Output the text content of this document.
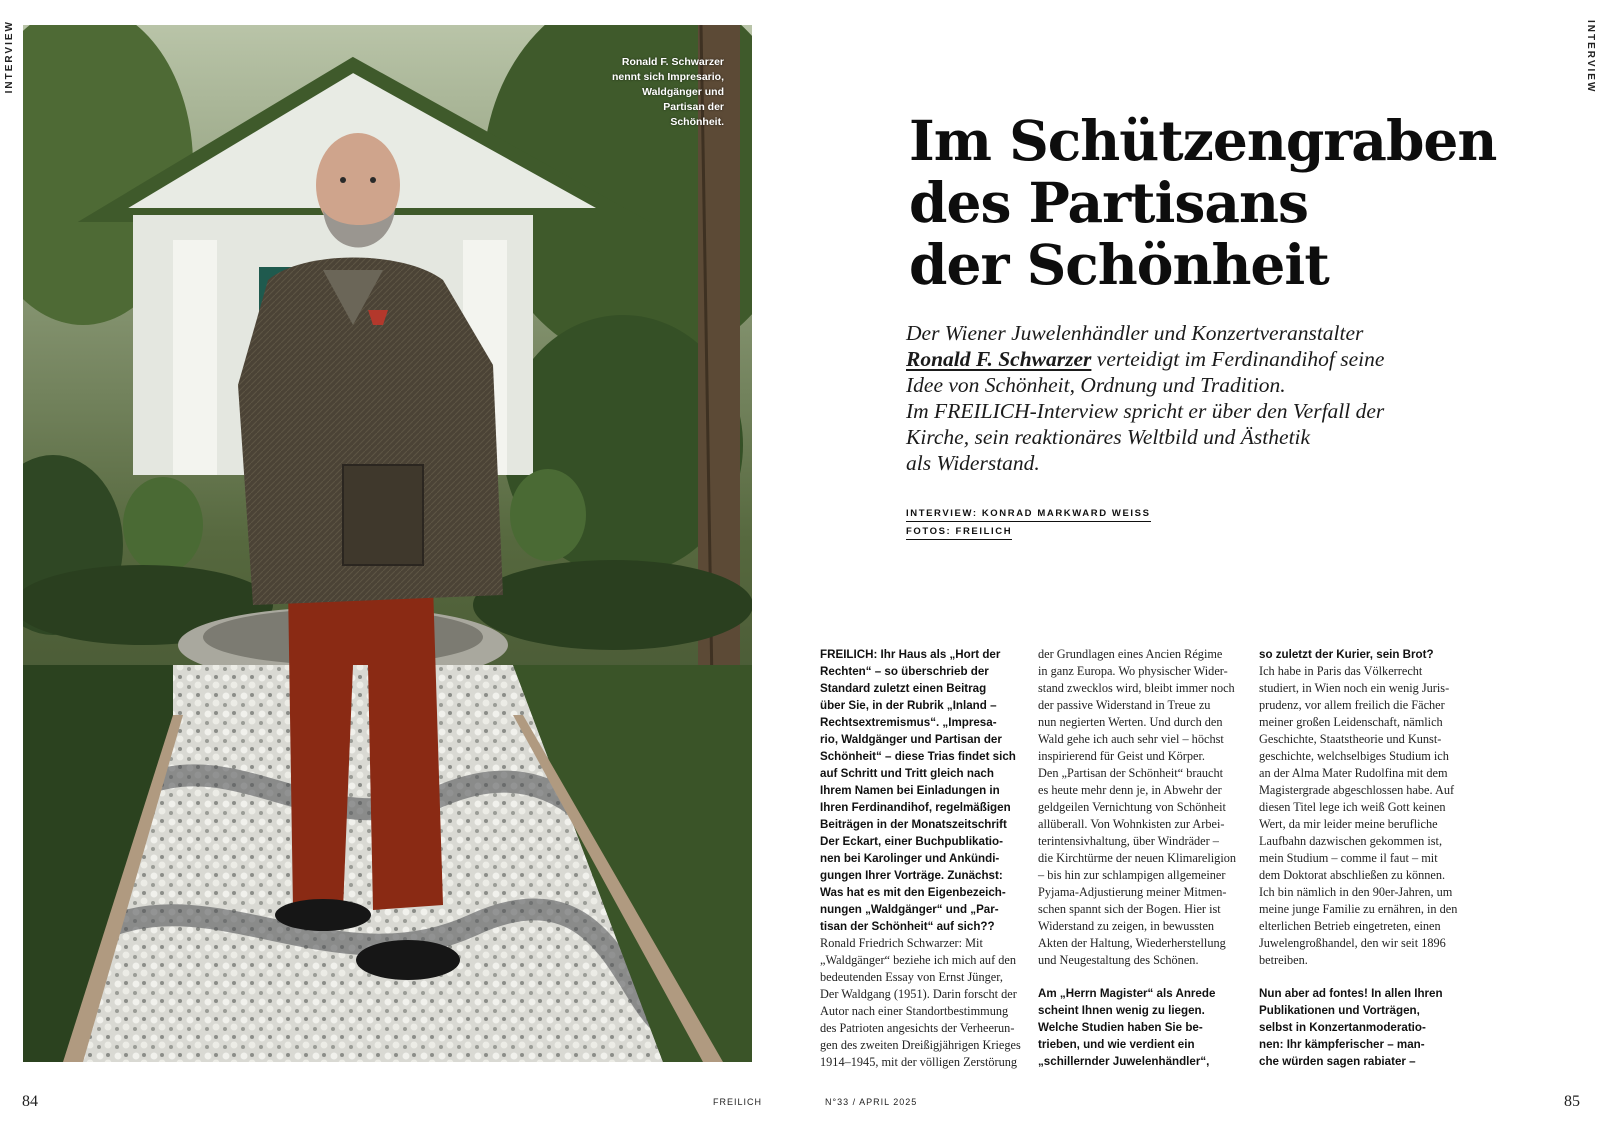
INTERVIEW	Ronald F. Schwarzer
nennt sich Impresario,
Waldgänger und
Partisan der
Schönheit.
84	FREILICH
INTERVIEW
Im Schützengraben
des Partisans
der Schönheit
Der Wiener Juwelenhändler und Konzertveranstalter
Ronald F. Schwarzer verteidigt im Ferdinandihof seine
Idee von Schönheit, Ordnung und Tradition.
Im FREILICH-Interview spricht er über den Verfall der
Kirche, sein reaktionäres Weltbild und Ästhetik
als Widerstand.
INTERVIEW: KONRAD MARKWARD WEISS
FOTOS: FREILICH
FREILICH: Ihr Haus als „Hort der
Rechten“ – so überschrieb der
Standard zuletzt einen Beitrag
über Sie, in der Rubrik „Inland –
Rechtsextremismus“. „Impresa-
rio, Waldgänger und Partisan der
Schönheit“ – diese Trias findet sich
auf Schritt und Tritt gleich nach
Ihrem Namen bei Einladungen in
Ihren Ferdinandihof, regelmäßigen
Beiträgen in der Monatszeitschrift
Der Eckart, einer Buchpublikatio-
nen bei Karolinger und Ankündi-
gungen Ihrer Vorträge. Zunächst:
Was hat es mit den Eigenbezeich-
nungen „Waldgänger“ und „Par-
tisan der Schönheit“ auf sich??
Ronald Friedrich Schwarzer: Mit
„Waldgänger“ beziehe ich mich auf den
bedeutenden Essay von Ernst Jünger,
Der Waldgang (1951). Darin forscht der
Autor nach einer Standortbestimmung
des Patrioten angesichts der Verheerun-
gen des zweiten Dreißigjährigen Krieges
1914–1945, mit der völligen Zerstörung
der Grundlagen eines Ancien Régime
in ganz Europa. Wo physischer Wider-
stand zwecklos wird, bleibt immer noch
der passive Widerstand in Treue zu
nun negierten Werten. Und durch den
Wald gehe ich auch sehr viel – höchst
inspirierend für Geist und Körper.
Den „Partisan der Schönheit“ braucht
es heute mehr denn je, in Abwehr der
geldgeilen Vernichtung von Schönheit
allüberall. Von Wohnkisten zur Arbei-
terintensivhaltung, über Windräder –
die Kirchtürme der neuen Klimareligion
– bis hin zur schlampigen allgemeiner
Pyjama-Adjustierung meiner Mitmen-
schen spannt sich der Bogen. Hier ist
Widerstand zu zeigen, in bewussten
Akten der Haltung, Wiederherstellung
und Neugestaltung des Schönen.
Am „Herrn Magister“ als Anrede
scheint Ihnen wenig zu liegen.
Welche Studien haben Sie be-
trieben, und wie verdient ein
„schillernder Juwelenhändler“,
so zuletzt der Kurier, sein Brot?
Ich habe in Paris das Völkerrecht
studiert, in Wien noch ein wenig Juris-
prudenz, vor allem freilich die Fächer
meiner großen Leidenschaft, nämlich
Geschichte, Staatstheorie und Kunst-
geschichte, welchselbiges Studium ich
an der Alma Mater Rudolfina mit dem
Magistergrade abgeschlossen habe. Auf
diesen Titel lege ich weiß Gott keinen
Wert, da mir leider meine berufliche
Laufbahn dazwischen gekommen ist,
mein Studium – comme il faut – mit
dem Doktorat abschließen zu können.
Ich bin nämlich in den 90er-Jahren, um
meine junge Familie zu ernähren, in den
elterlichen Betrieb eingetreten, einen
Juwelengroßhandel, den wir seit 1896
betreiben.
Nun aber ad fontes! In allen Ihren
Publikationen und Vorträgen,
selbst in Konzertanmoderatio-
nen: Ihr kämpferischer – man-
che würden sagen rabiater –
N°33 / APRIL 2025	85
